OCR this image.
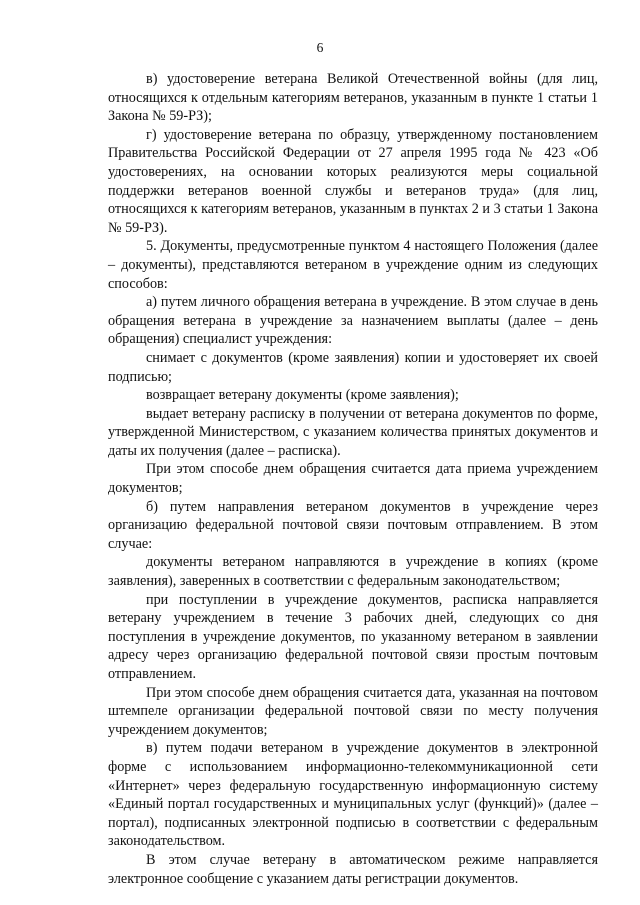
6

в) удостоверение ветерана Великой Отечественной войны (для лиц, относящихся к отдельным категориям ветеранов, указанным в пункте 1 статьи 1 Закона № 59-РЗ);

г) удостоверение ветерана по образцу, утвержденному постановлением Правительства Российской Федерации от 27 апреля 1995 года № 423 «Об удостоверениях, на основании которых реализуются меры социальной поддержки ветеранов военной службы и ветеранов труда» (для лиц, относящихся к категориям ветеранов, указанным в пунктах 2 и 3 статьи 1 Закона № 59-РЗ).

5. Документы, предусмотренные пунктом 4 настоящего Положения (далее – документы), представляются ветераном в учреждение одним из следующих способов:

а) путем личного обращения ветерана в учреждение. В этом случае в день обращения ветерана в учреждение за назначением выплаты (далее – день обращения) специалист учреждения:

снимает с документов (кроме заявления) копии и удостоверяет их своей подписью;

возвращает ветерану документы (кроме заявления);

выдает ветерану расписку в получении от ветерана документов по форме, утвержденной Министерством, с указанием количества принятых документов и даты их получения (далее – расписка).

При этом способе днем обращения считается дата приема учреждением документов;

б) путем направления ветераном документов в учреждение через организацию федеральной почтовой связи почтовым отправлением. В этом случае:

документы ветераном направляются в учреждение в копиях (кроме заявления), заверенных в соответствии с федеральным законодательством;

при поступлении в учреждение документов, расписка направляется ветерану учреждением в течение 3 рабочих дней, следующих со дня поступления в учреждение документов, по указанному ветераном в заявлении адресу через организацию федеральной почтовой связи простым почтовым отправлением.

При этом способе днем обращения считается дата, указанная на почтовом штемпеле организации федеральной почтовой связи по месту получения учреждением документов;

в) путем подачи ветераном в учреждение документов в электронной форме с использованием информационно-телекоммуникационной сети «Интернет» через федеральную государственную информационную систему «Единый портал государственных и муниципальных услуг (функций)» (далее – портал), подписанных электронной подписью в соответствии с федеральным законодательством.

В этом случае ветерану в автоматическом режиме направляется электронное сообщение с указанием даты регистрации документов.
